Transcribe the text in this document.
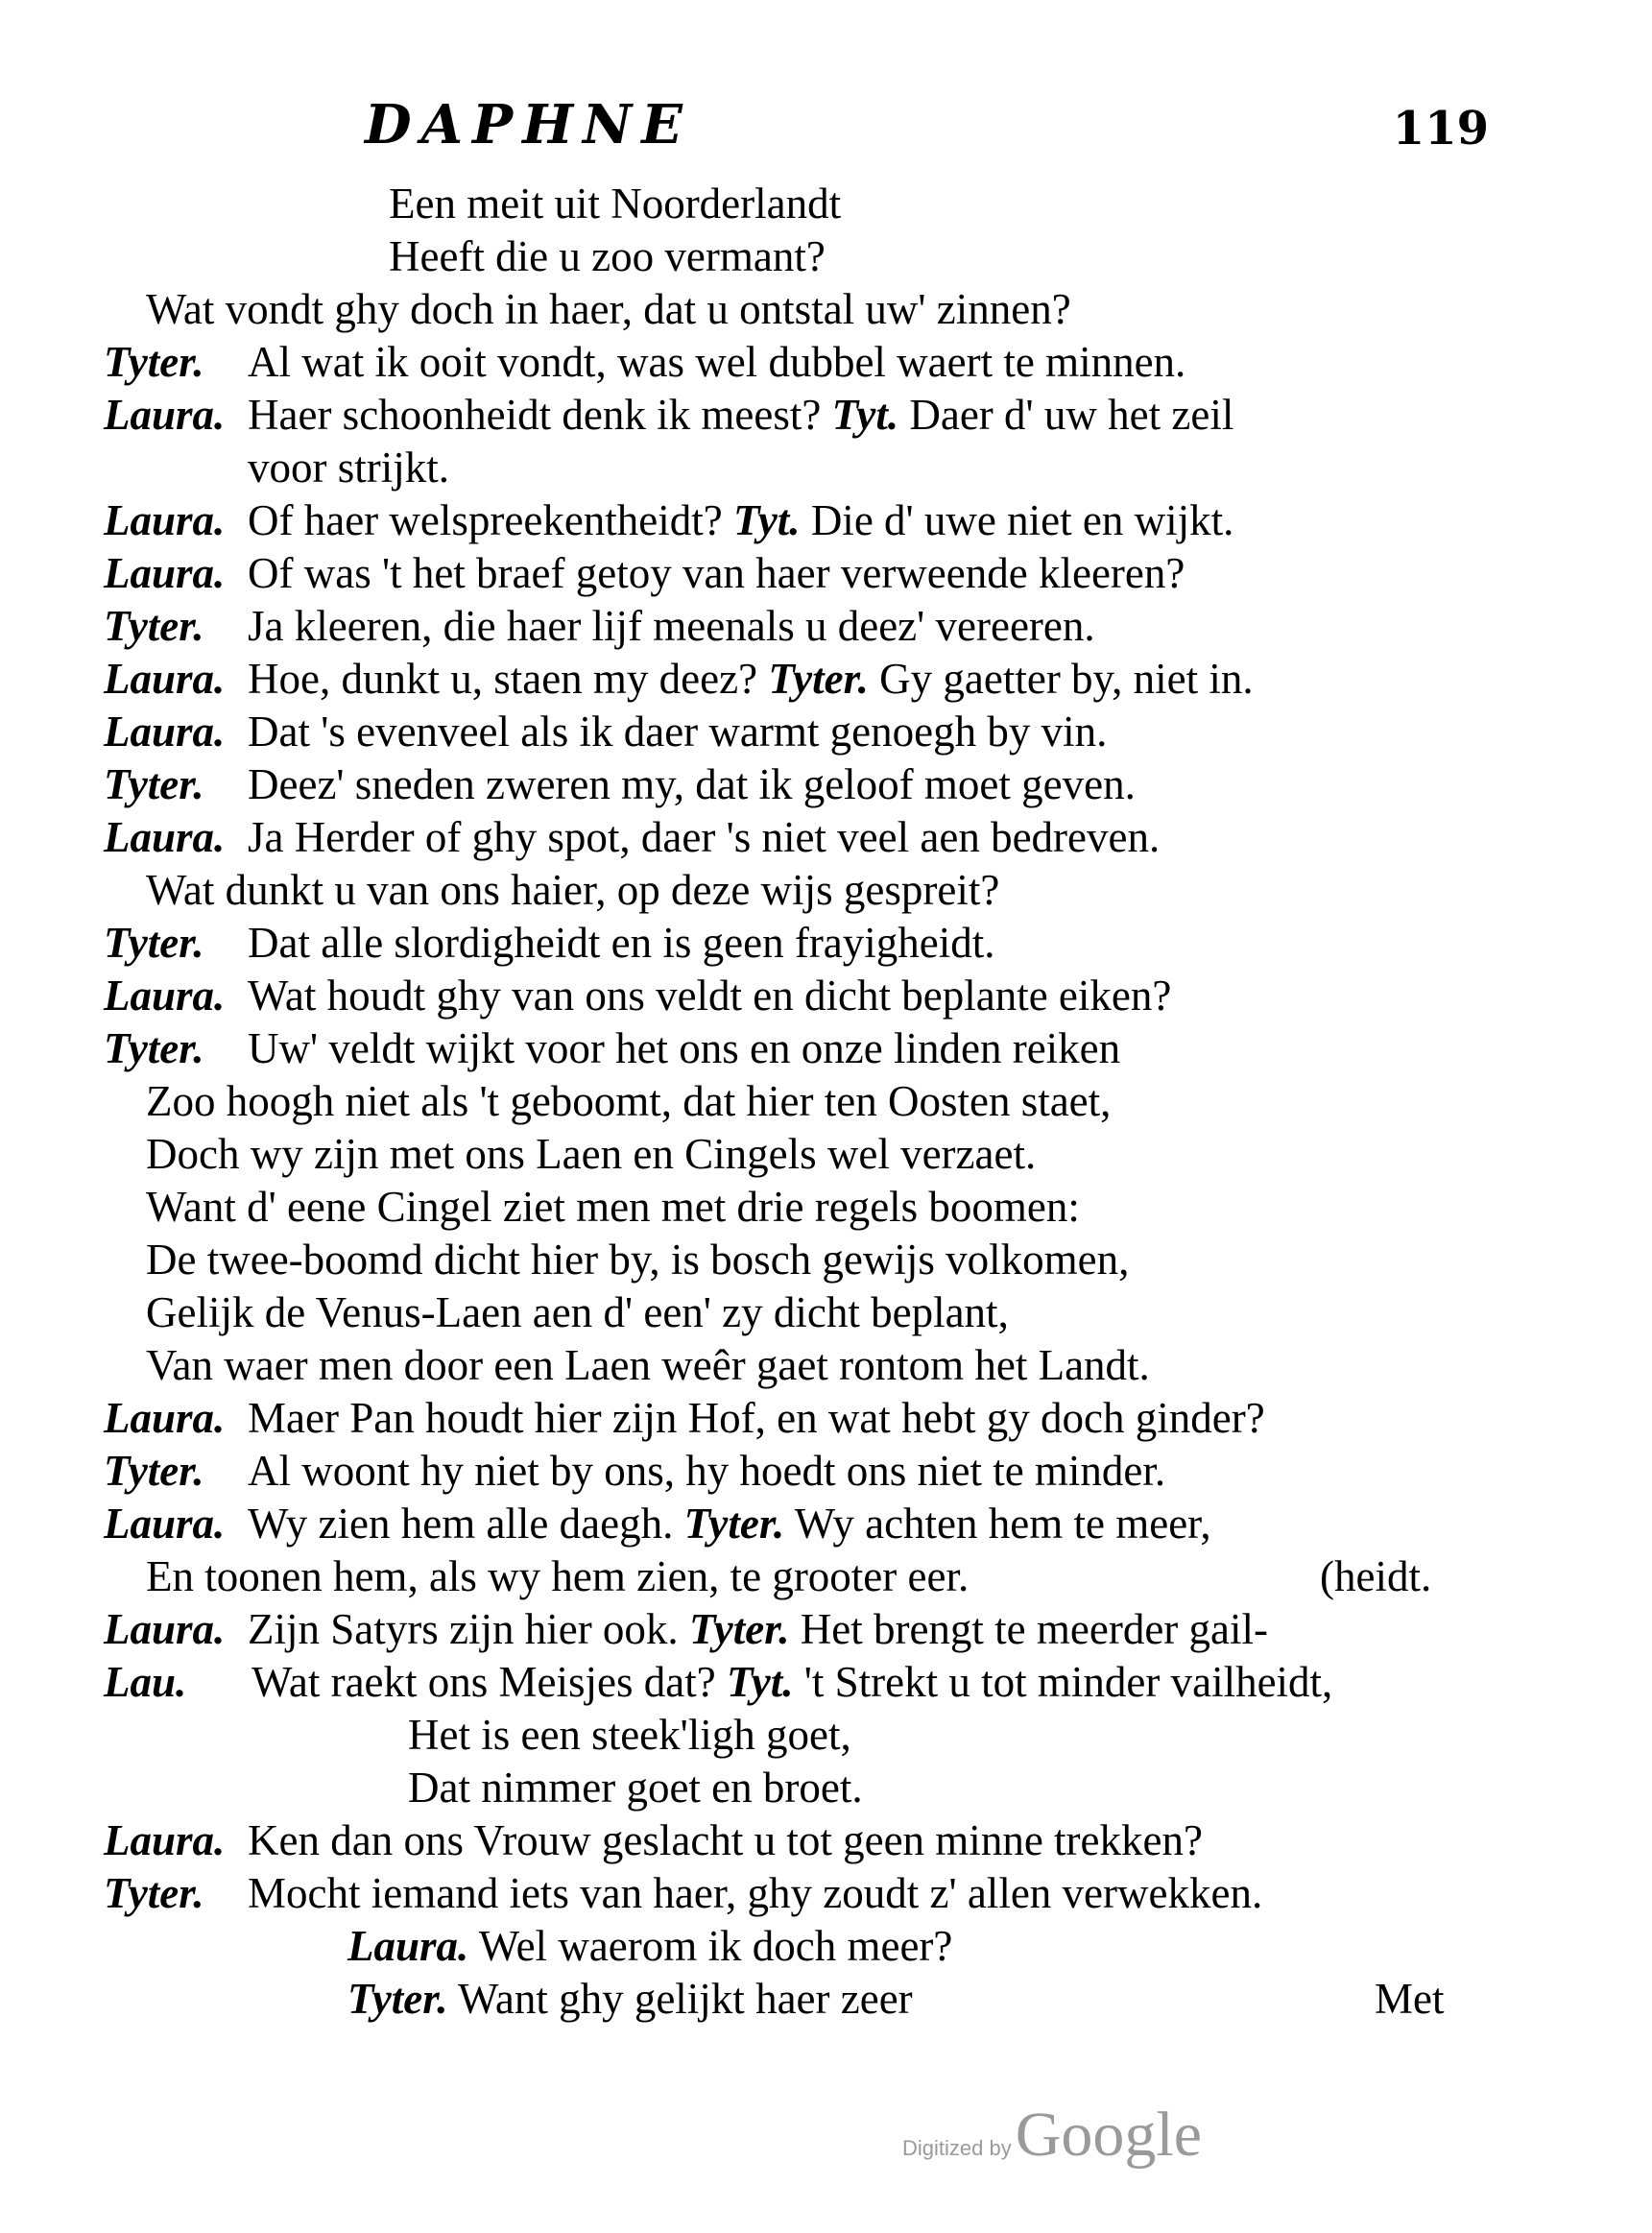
DAPHNE	119
Een meit uit Noorderlandt
Heeft die u zoo vermant?
Wat vondt ghy doch in haer, dat u ontstal uw' zinnen?
Tyter. Al wat ik ooit vondt, was wel dubbel waert te minnen.
Laura. Haer schoonheidt denk ik meest? Tyt. Daer d' uw het zeil
voor strijkt.
Laura. Of haer welspreekentheidt? Tyt. Die d' uwe niet en wijkt.
Laura. Of was 't het braef getoy van haer verweende kleeren?
Tyter. Ja kleeren, die haer lijf meenals u deez' vereeren.
Laura. Hoe, dunkt u, staen my deez? Tyter. Gy gaetter by, niet in.
Laura. Dat 's evenveel als ik daer warmt genoegh by vin.
Tyter. Deez' sneden zweren my, dat ik geloof moet geven.
Laura. Ja Herder of ghy spot, daer 's niet veel aen bedreven.
Wat dunkt u van ons haier, op deze wijs gespreit?
Tyter. Dat alle slordigheidt en is geen frayigheidt.
Laura. Wat houdt ghy van ons veldt en dicht beplante eiken?
Tyter. Uw' veldt wijkt voor het ons en onze linden reiken
Zoo hoogh niet als 't geboomt, dat hier ten Oosten staet,
Doch wy zijn met ons Laen en Cingels wel verzaet.
Want d' eene Cingel ziet men met drie regels boomen:
De twee-boomd dicht hier by, is bosch gewijs volkomen,
Gelijk de Venus-Laen aen d' een' zy dicht beplant,
Van waer men door een Laen weêr gaet rontom het Landt.
Laura. Maer Pan houdt hier zijn Hof, en wat hebt gy doch ginder?
Tyter. Al woont hy niet by ons, hy hoedt ons niet te minder.
Laura. Wy zien hem alle daegh. Tyter. Wy achten hem te meer,
En toonen hem, als wy hem zien, te grooter eer.	(heidt.
Laura. Zijn Satyrs zijn hier ook. Tyter. Het brengt te meerder gail-
Lau. Wat raekt ons Meisjes dat? Tyt. 't Strekt u tot minder vailheidt,
Het is een steek'ligh goet,
Dat nimmer goet en broet.
Laura. Ken dan ons Vrouw geslacht u tot geen minne trekken?
Tyter. Mocht iemand iets van haer, ghy zoudt z' allen verwekken.
Laura. Wel waerom ik doch meer?
Tyter. Want ghy gelijkt haer zeer	Met
Digitized byGoogle
